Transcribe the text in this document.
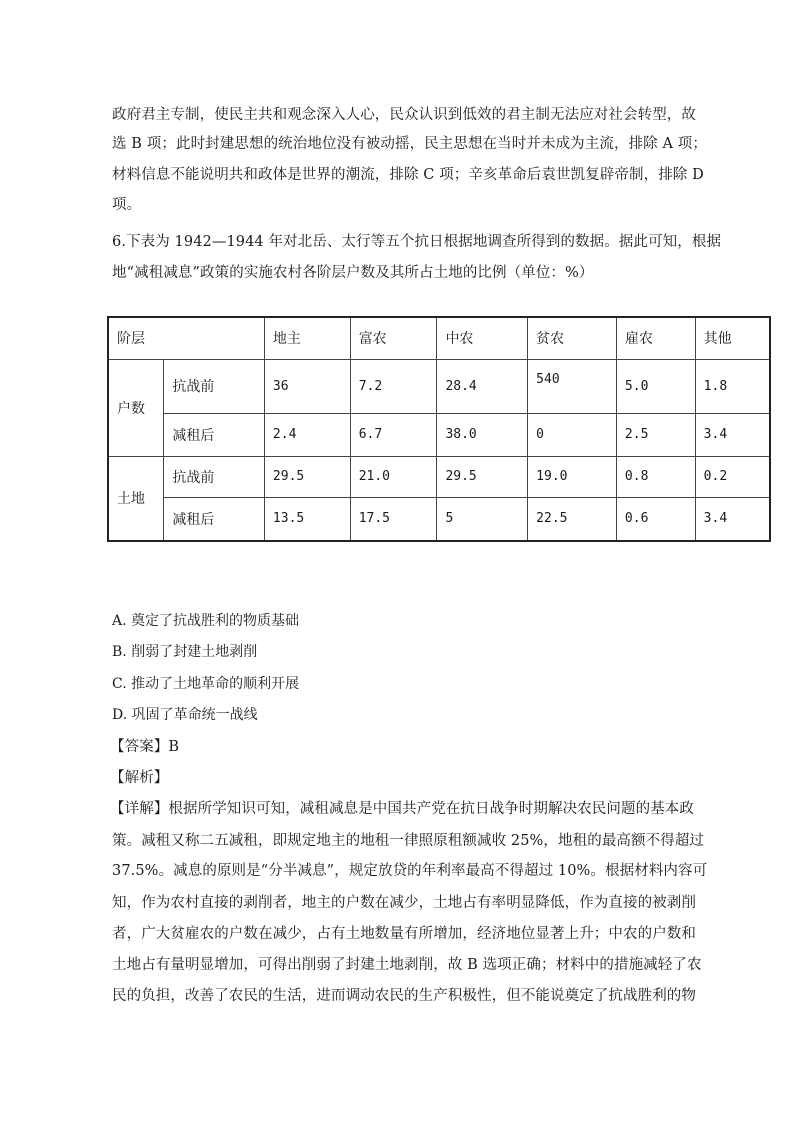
政府君主专制，使民主共和观念深入人心，民众认识到低效的君主制无法应对社会转型，故
选 B 项；此时封建思想的统治地位没有被动摇，民主思想在当时并未成为主流，排除 A 项；
材料信息不能说明共和政体是世界的潮流，排除 C 项；辛亥革命后袁世凯复辟帝制，排除 D
项。
6.下表为 1942—1944 年对北岳、太行等五个抗日根据地调查所得到的数据。据此可知，根据
地“减租减息”政策的实施农村各阶层户数及其所占土地的比例（单位：%）
阶层		地主	富农	中农	贫农	雇农	其他
户数	抗战前	36	7.2	28.4	540	5.0	1.8
	减租后	2.4	6.7	38.0	0	2.5	3.4
土地	抗战前	29.5	21.0	29.5	19.0	0.8	0.2
	减租后	13.5	17.5	5	22.5	0.6	3.4
A. 奠定了抗战胜利的物质基础
B. 削弱了封建土地剥削
C. 推动了土地革命的顺利开展
D. 巩固了革命统一战线
【答案】B
【解析】
【详解】根据所学知识可知，减租减息是中国共产党在抗日战争时期解决农民问题的基本政
策。减租又称二五减租，即规定地主的地租一律照原租额减收 25%，地租的最高额不得超过
37.5%。减息的原则是“分半减息”，规定放贷的年利率最高不得超过 10%。根据材料内容可
知，作为农村直接的剥削者，地主的户数在减少，土地占有率明显降低，作为直接的被剥削
者，广大贫雇农的户数在减少，占有土地数量有所增加，经济地位显著上升；中农的户数和
土地占有量明显增加，可得出削弱了封建土地剥削，故 B 选项正确；材料中的措施减轻了农
民的负担，改善了农民的生活，进而调动农民的生产积极性，但不能说奠定了抗战胜利的物
